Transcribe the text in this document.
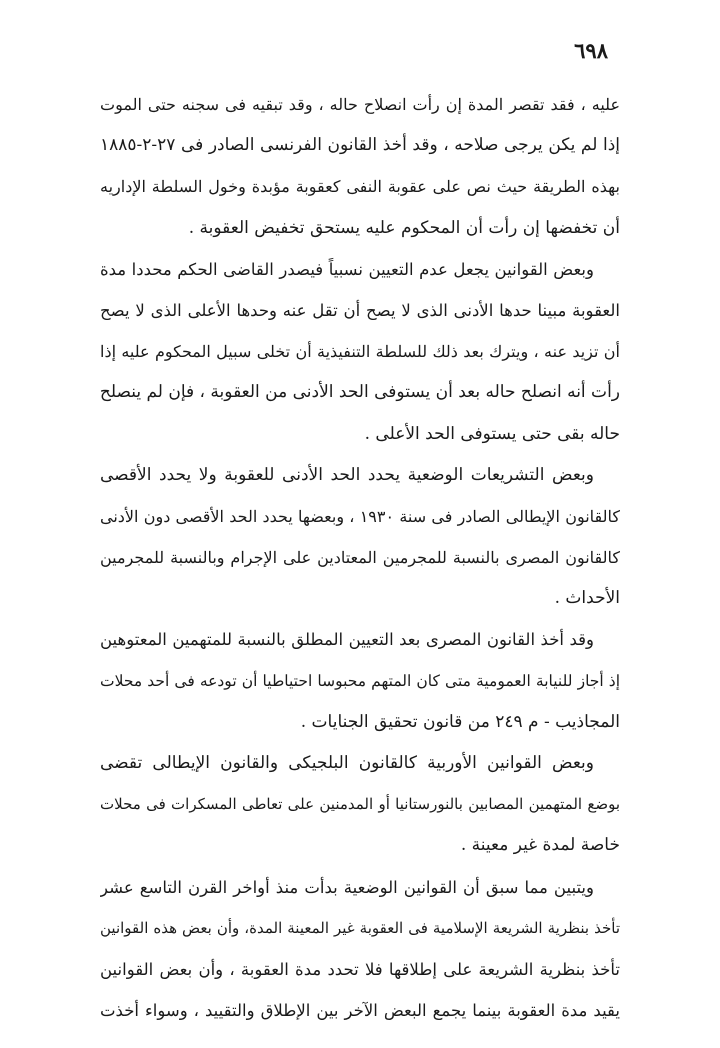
٦٩٨
عليه ، فقد تقصر المدة إن رأت انصلاح حاله ، وقد تبقيه فى سجنه حتى الموت
إذا لم يكن يرجى صلاحه ، وقد أخذ القانون الفرنسى الصادر فى ٢٧-٢-١٨٨٥
بهذه الطريقة حيث نص على عقوبة النفى كعقوبة مؤبدة وخول السلطة الإداريه
أن تخفضها إن رأت أن المحكوم عليه يستحق تخفيض العقوبة .
وبعض القوانين يجعل عدم التعيين نسبياً فيصدر القاضى الحكم محددا مدة
العقوبة مبينا حدها الأدنى الذى لا يصح أن تقل عنه وحدها الأعلى الذى لا يصح
أن تزيد عنه ، ويترك بعد ذلك للسلطة التنفيذية أن تخلى سبيل المحكوم عليه إذا
رأت أنه انصلح حاله بعد أن يستوفى الحد الأدنى من العقوبة ، فإن لم ينصلح
حاله بقى حتى يستوفى الحد الأعلى .
وبعض التشريعات الوضعية يحدد الحد الأدنى للعقوبة ولا يحدد الأقصى
كالقانون الإيطالى الصادر فى سنة ١٩٣٠ ، وبعضها يحدد الحد الأقصى دون الأدنى
كالقانون المصرى بالنسبة للمجرمين المعتادين على الإجرام وبالنسبة للمجرمين
الأحداث .
وقد أخذ القانون المصرى بعد التعيين المطلق بالنسبة للمتهمين المعتوهين
إذ أجاز للنيابة العمومية متى كان المتهم محبوسا احتياطيا أن تودعه فى أحد محلات
المجاذيب - م ٢٤٩ من قانون تحقيق الجنايات .
وبعض القوانين الأوربية كالقانون البلجيكى والقانون الإيطالى تقضى
بوضع المتهمين المصابين بالنورستانيا أو المدمنين على تعاطى المسكرات فى محلات
خاصة لمدة غير معينة .
ويتبين مما سبق أن القوانين الوضعية بدأت منذ أواخر القرن التاسع عشر
تأخذ بنظرية الشريعة الإسلامية فى العقوبة غير المعينة المدة، وأن بعض هذه القوانين
تأخذ بنظرية الشريعة على إطلاقها فلا تحدد مدة العقوبة ، وأن بعض القوانين
يقيد مدة العقوبة بينما يجمع البعض الآخر بين الإطلاق والتقييد ، وسواء أخذت
